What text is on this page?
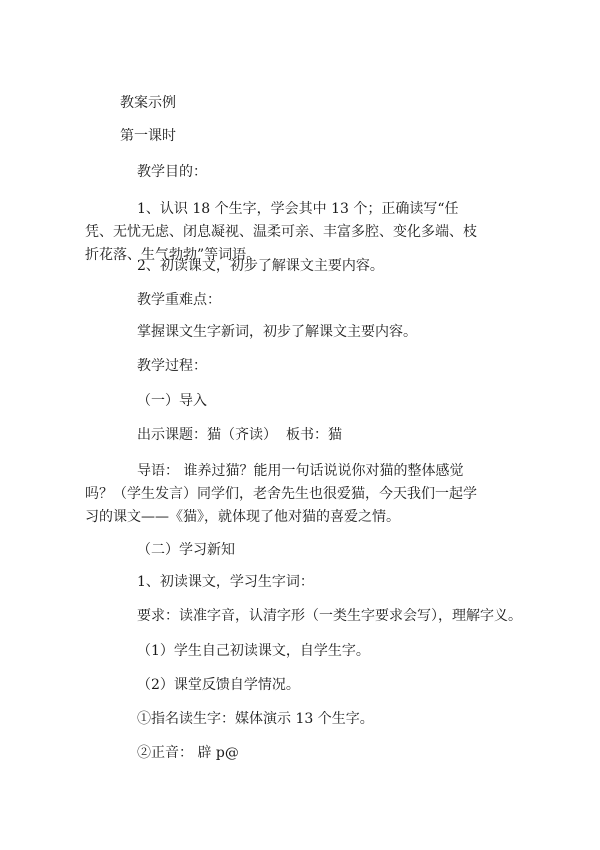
教案示例
第一课时
教学目的：
1、认识 18 个生字，学会其中 13 个；正确读写“任凭、无忧无虑、闭息凝视、温柔可亲、丰富多腔、变化多端、枝折花落、生气勃勃”等词语。
2、初读课文，初步了解课文主要内容。
教学重难点：
掌握课文生字新词，初步了解课文主要内容。
教学过程：
（一）导入
出示课题：猫（齐读） 板书：猫
导语： 谁养过猫？能用一句话说说你对猫的整体感觉吗？（学生发言）同学们，老舍先生也很爱猫，今天我们一起学习的课文——《猫》，就体现了他对猫的喜爱之情。
（二）学习新知
1、初读课文，学习生字词：
要求：读准字音，认清字形（一类生字要求会写），理解字义。
（1）学生自己初读课文，自学生字。
（2）课堂反馈自学情况。
①指名读生字：媒体演示 13 个生字。
②正音： 辟 p@
